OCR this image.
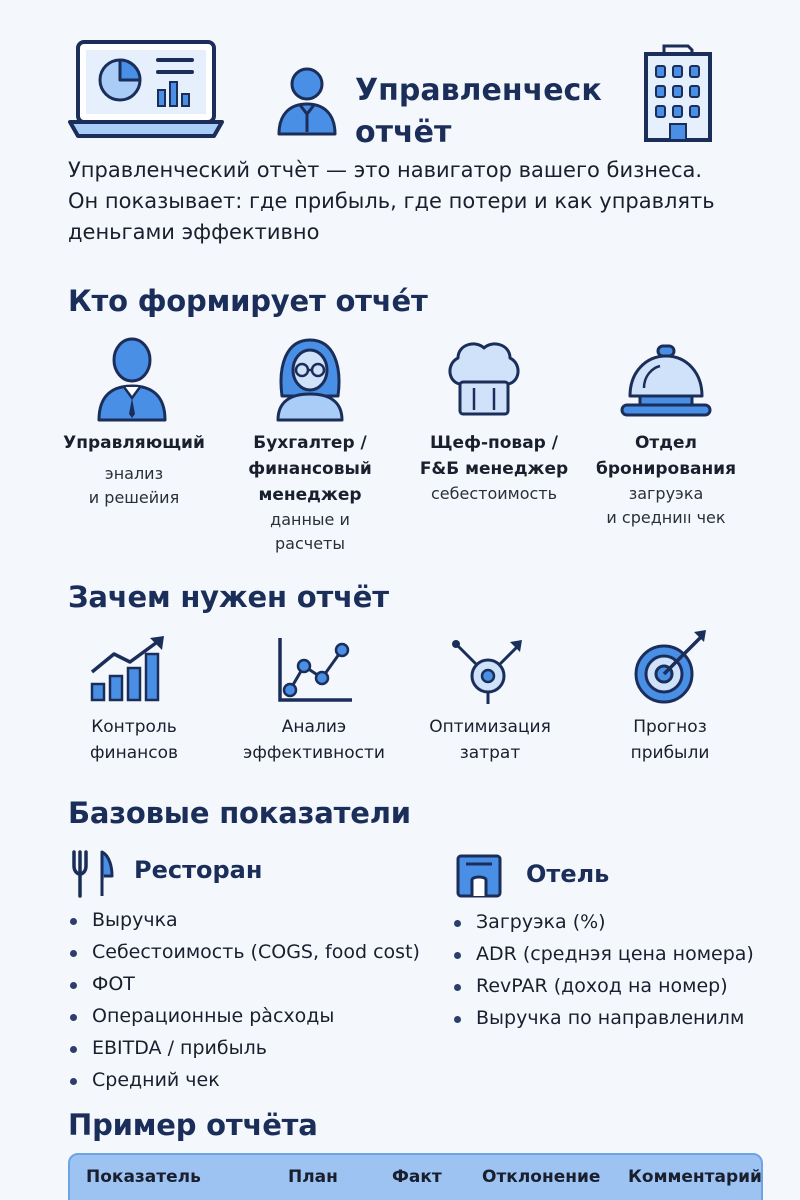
Управленческ
отчёт
Управленческий отчѐт — это навигатор вашего бизнеса.
Он показывает: где прибыль, где потери и как управлять
деньгами эффективно
Кто формирует отче́т
Управляющий
энализ
и решеӥия
Бухгалтер /
финансовый
менеджер
данные и
расчеты
Щеф-повар /
F&Б менеджер
себестоимость
Отдел
бронирования
загруэка
и средниıı чек
Зачем нужен отчёт
Контроль
финансов
Аналиэ
эффективности
Оптимизация
затрат
Прогноз
прибыли
Базовые показатели
Ресторан
Выручка
Себестоимость (COGS, food cost)
ФОТ
Операционные рàсходы
EBITDA / прибыль
Средний чек
Отель
Загруэка (%)
ADR (среднэя цена номера)
RevPAR (доход на номер)
Выручка по направленилм
Пример отчёта
Показатель	План	Факт Отклонение Комментарий
